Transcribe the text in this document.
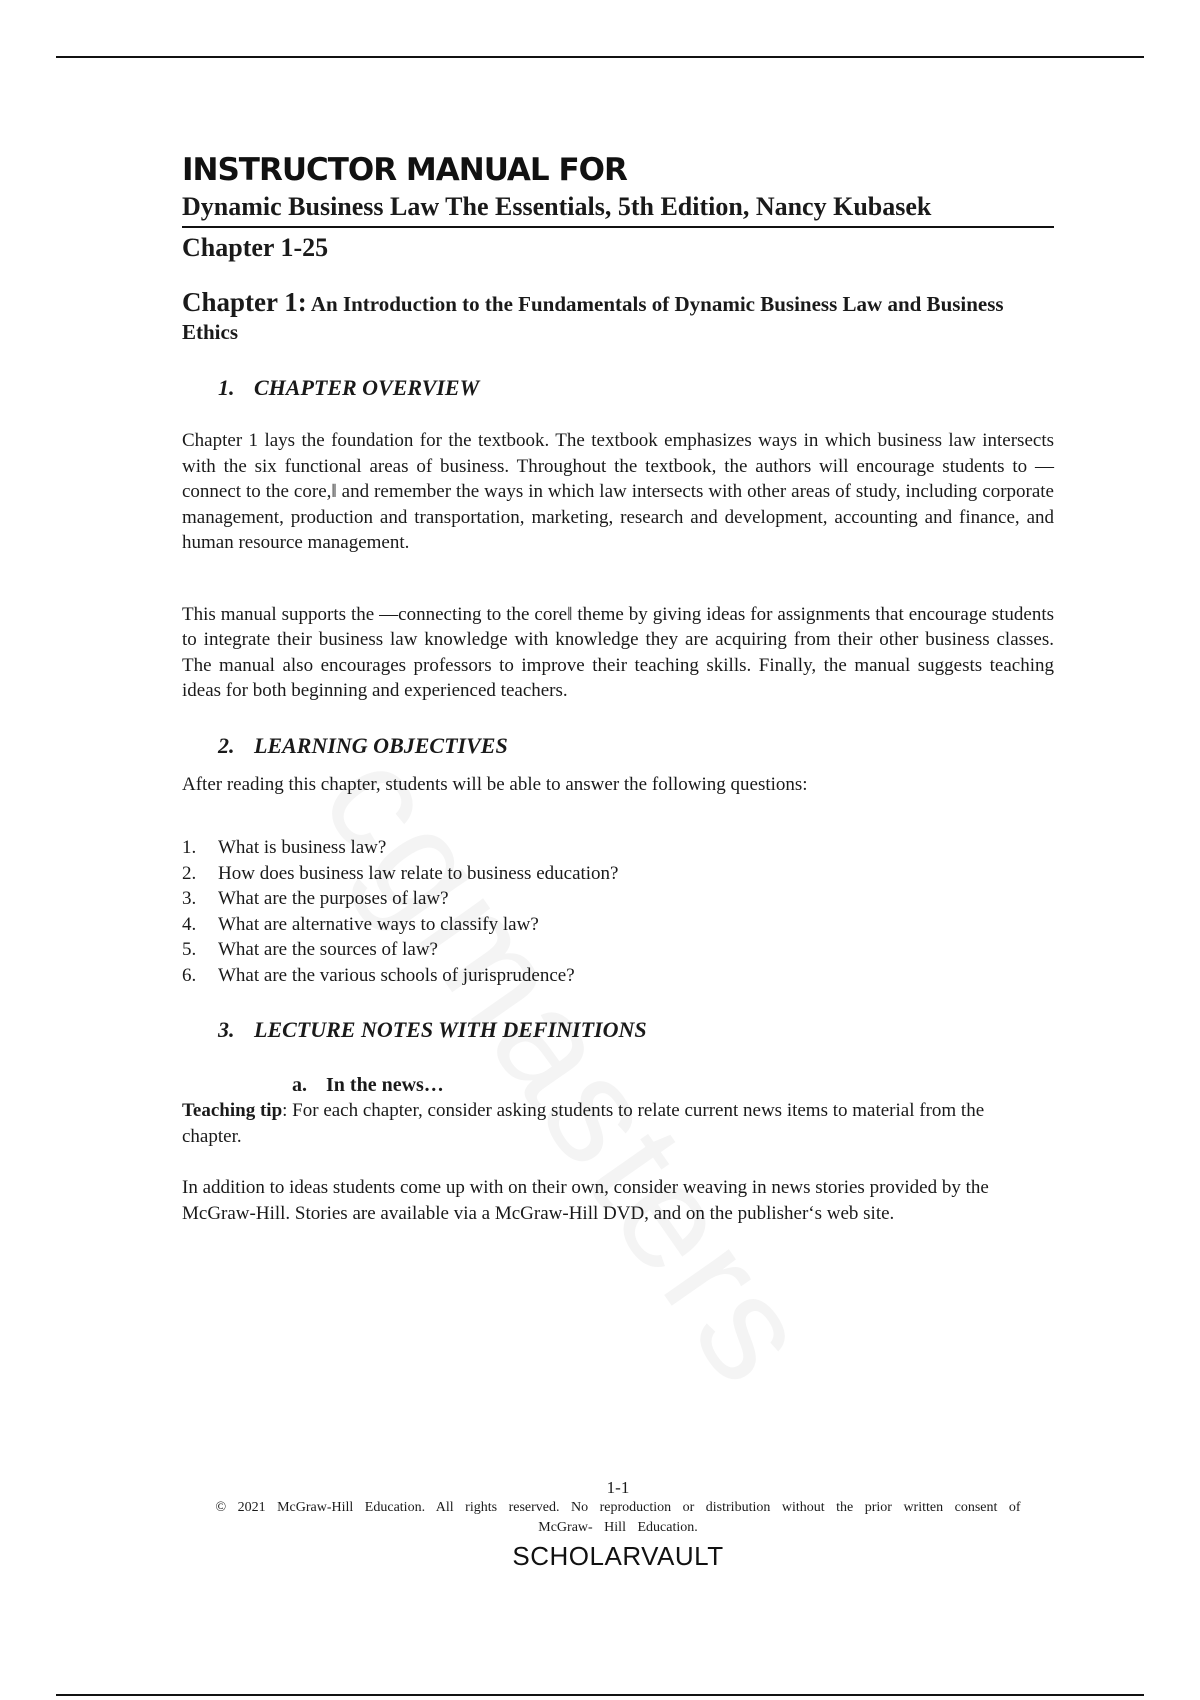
INSTRUCTOR MANUAL FOR
Dynamic Business Law The Essentials, 5th Edition, Nancy Kubasek
Chapter 1-25
Chapter 1: An Introduction to the Fundamentals of Dynamic Business Law and Business Ethics
1. CHAPTER OVERVIEW

Chapter 1 lays the foundation for the textbook. The textbook emphasizes ways in which business law intersects with the six functional areas of business. Throughout the textbook, the authors will encourage students to —connect to the core,‖ and remember the ways in which law intersects with other areas of study, including corporate management, production and transportation, marketing, research and development, accounting and finance, and human resource management.

This manual supports the —connecting to the core‖ theme by giving ideas for assignments that encourage students to integrate their business law knowledge with knowledge they are acquiring from their other business classes. The manual also encourages professors to improve their teaching skills. Finally, the manual suggests teaching ideas for both beginning and experienced teachers.

2. LEARNING OBJECTIVES

After reading this chapter, students will be able to answer the following questions:

1. What is business law?
2. How does business law relate to business education?
3. What are the purposes of law?
4. What are alternative ways to classify law?
5. What are the sources of law?
6. What are the various schools of jurisprudence?
3. LECTURE NOTES WITH DEFINITIONS
a. In the news…

Teaching tip: For each chapter, consider asking students to relate current news items to material from the chapter.

In addition to ideas students come up with on their own, consider weaving in news stories provided by the McGraw-Hill. Stories are available via a McGraw-Hill DVD, and on the publisher‘s web site.

1-1
© 2021 McGraw-Hill Education. All rights reserved. No reproduction or distribution without the prior written consent of McGraw- Hill Education.
SCHOLARVAULT
